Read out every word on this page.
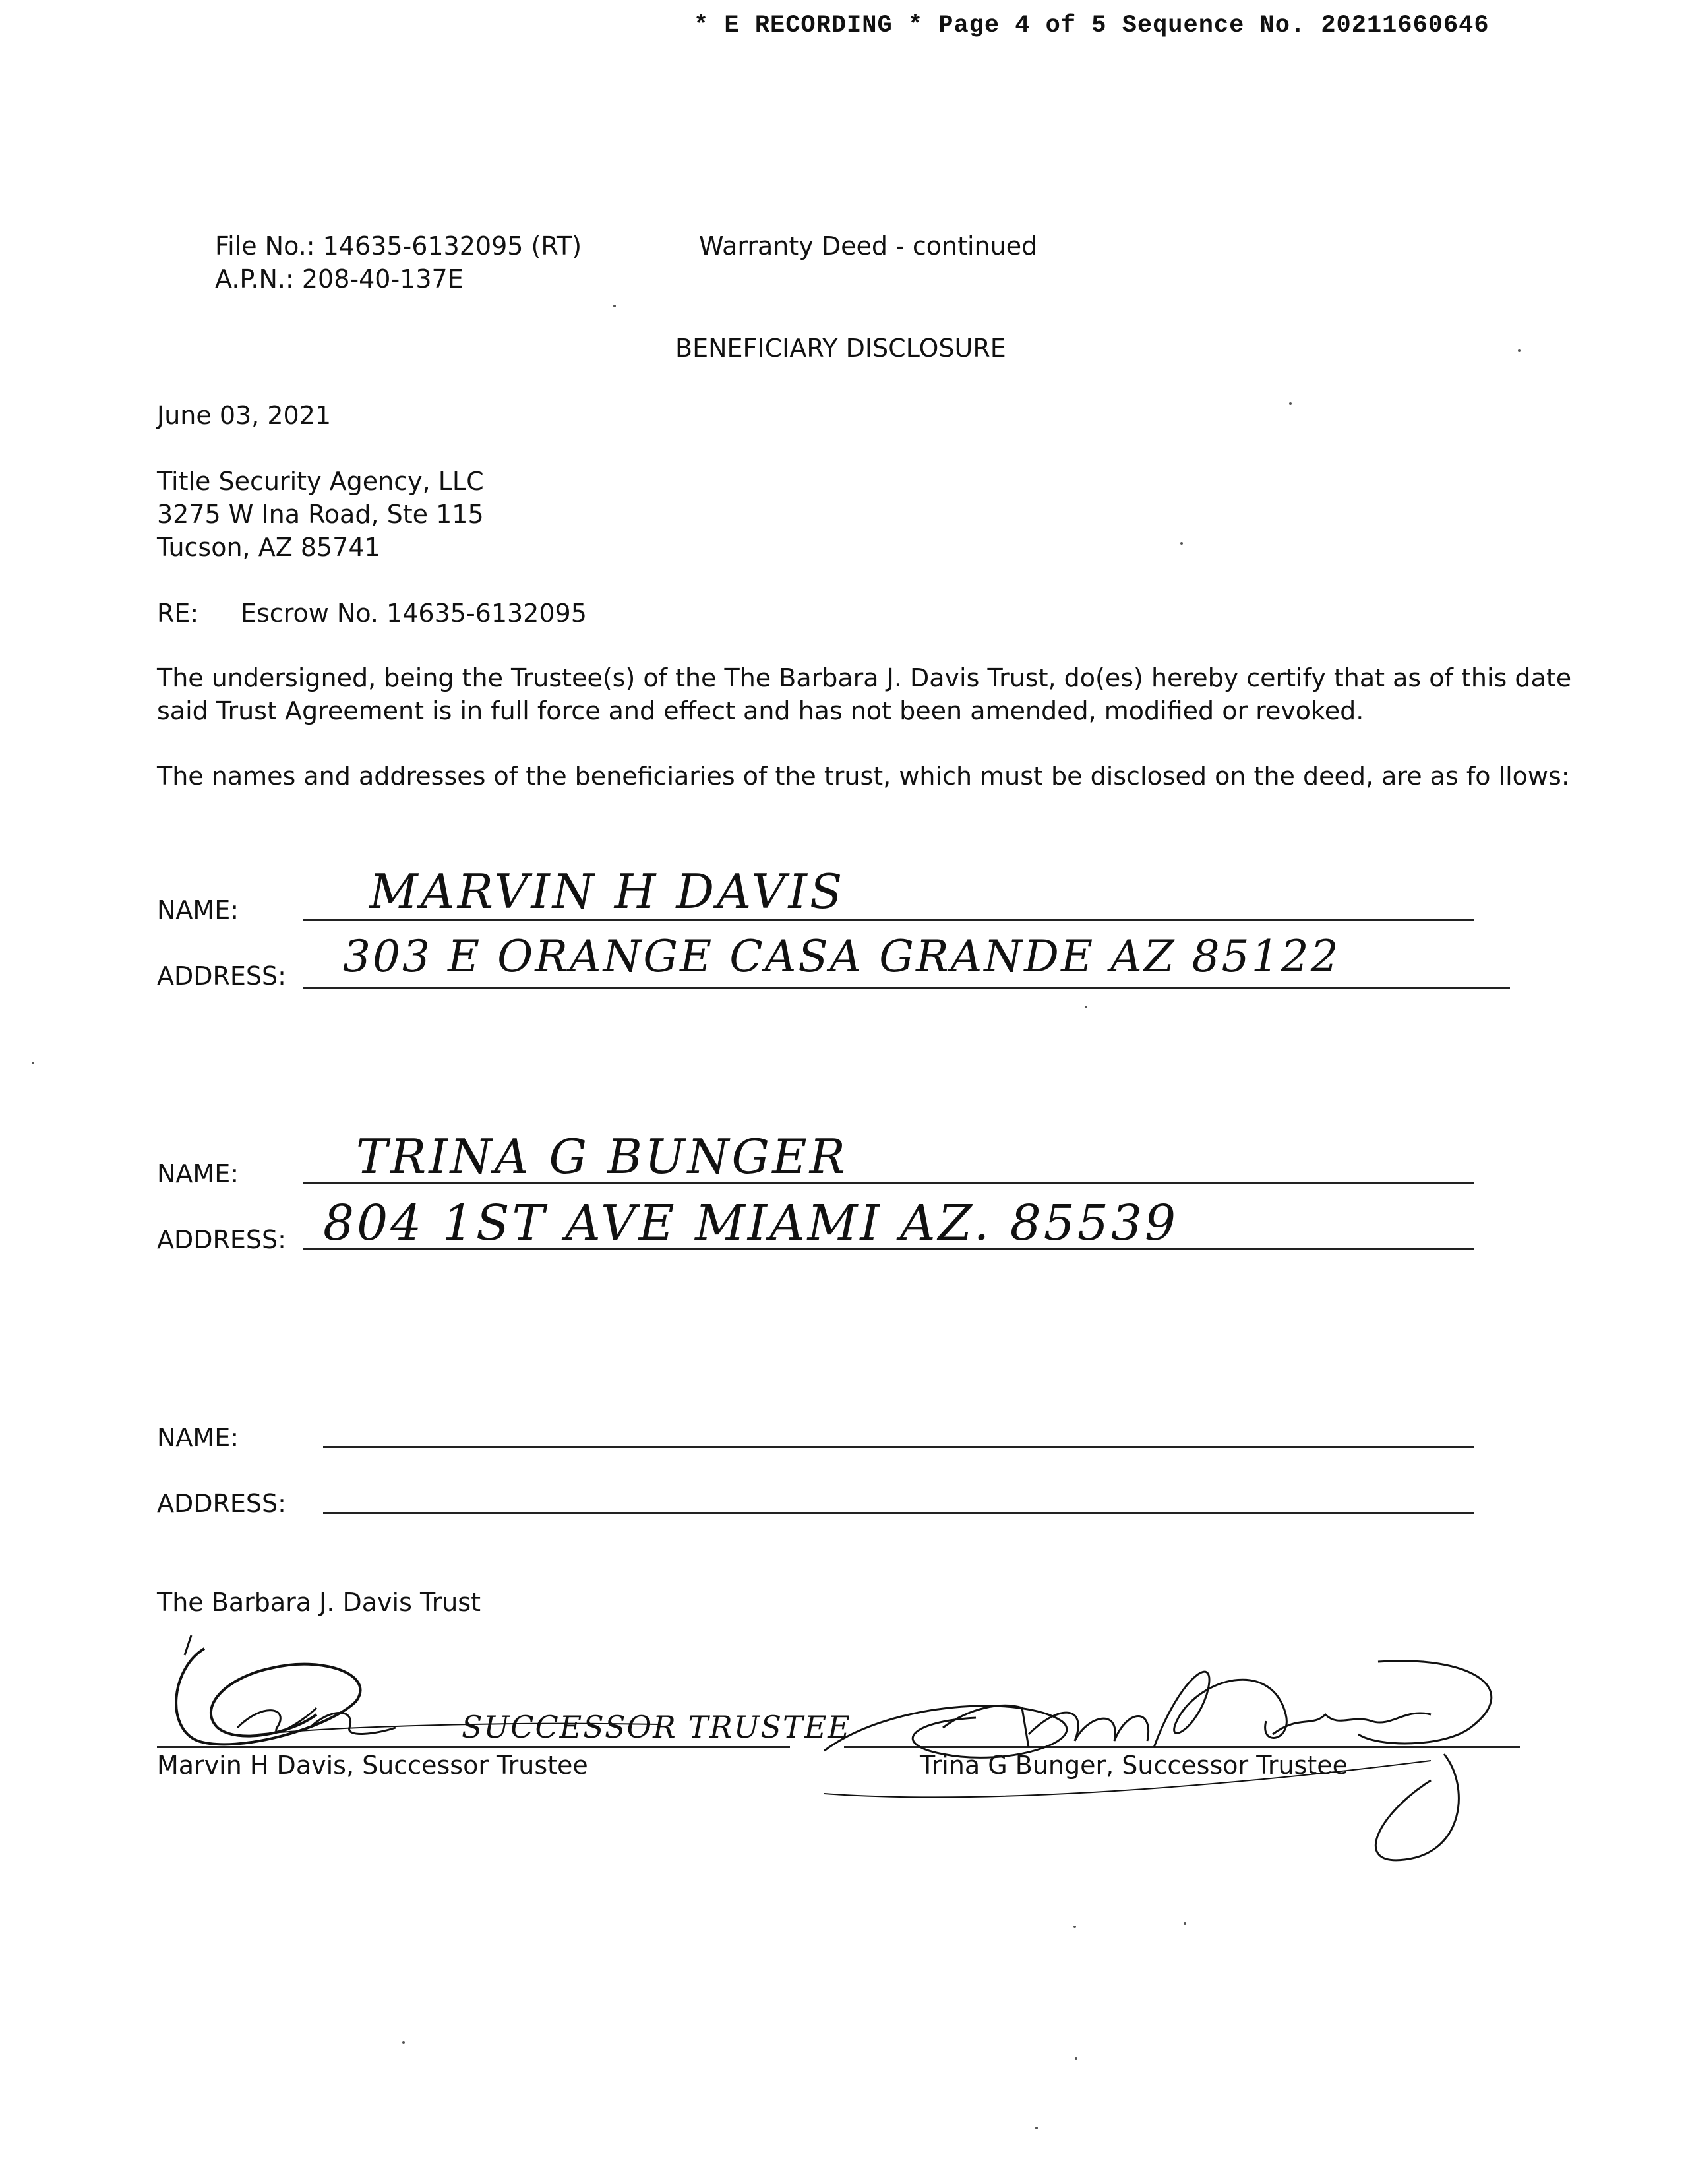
* E RECORDING * Page 4 of 5 Sequence No. 20211660646
File No.: 14635-6132095 (RT)
A.P.N.: 208-40-137E
Warranty Deed - continued
BENEFICIARY DISCLOSURE
June 03, 2021
Title Security Agency, LLC
3275 W Ina Road, Ste 115
Tucson, AZ 85741
RE: Escrow No. 14635-6132095
The undersigned, being the Trustee(s) of the The Barbara J. Davis Trust, do(es) hereby certify that as of this date said Trust Agreement is in full force and effect and has not been amended, modified or revoked.
The names and addresses of the beneficiaries of the trust, which must be disclosed on the deed, are as fo llows:
NAME:	MARVIN H DAVIS
ADDRESS: 303 E ORANGE CASA GRANDE AZ 85122
NAME: TRINA G BUNGER
ADDRESS: 804 1ST AVE MIAMI AZ. 85539
NAME:
ADDRESS:
The Barbara J. Davis Trust
SUCCESSOR TRUSTEE
Marvin H Davis, Successor Trustee	Trina G Bunger, Successor Trustee
